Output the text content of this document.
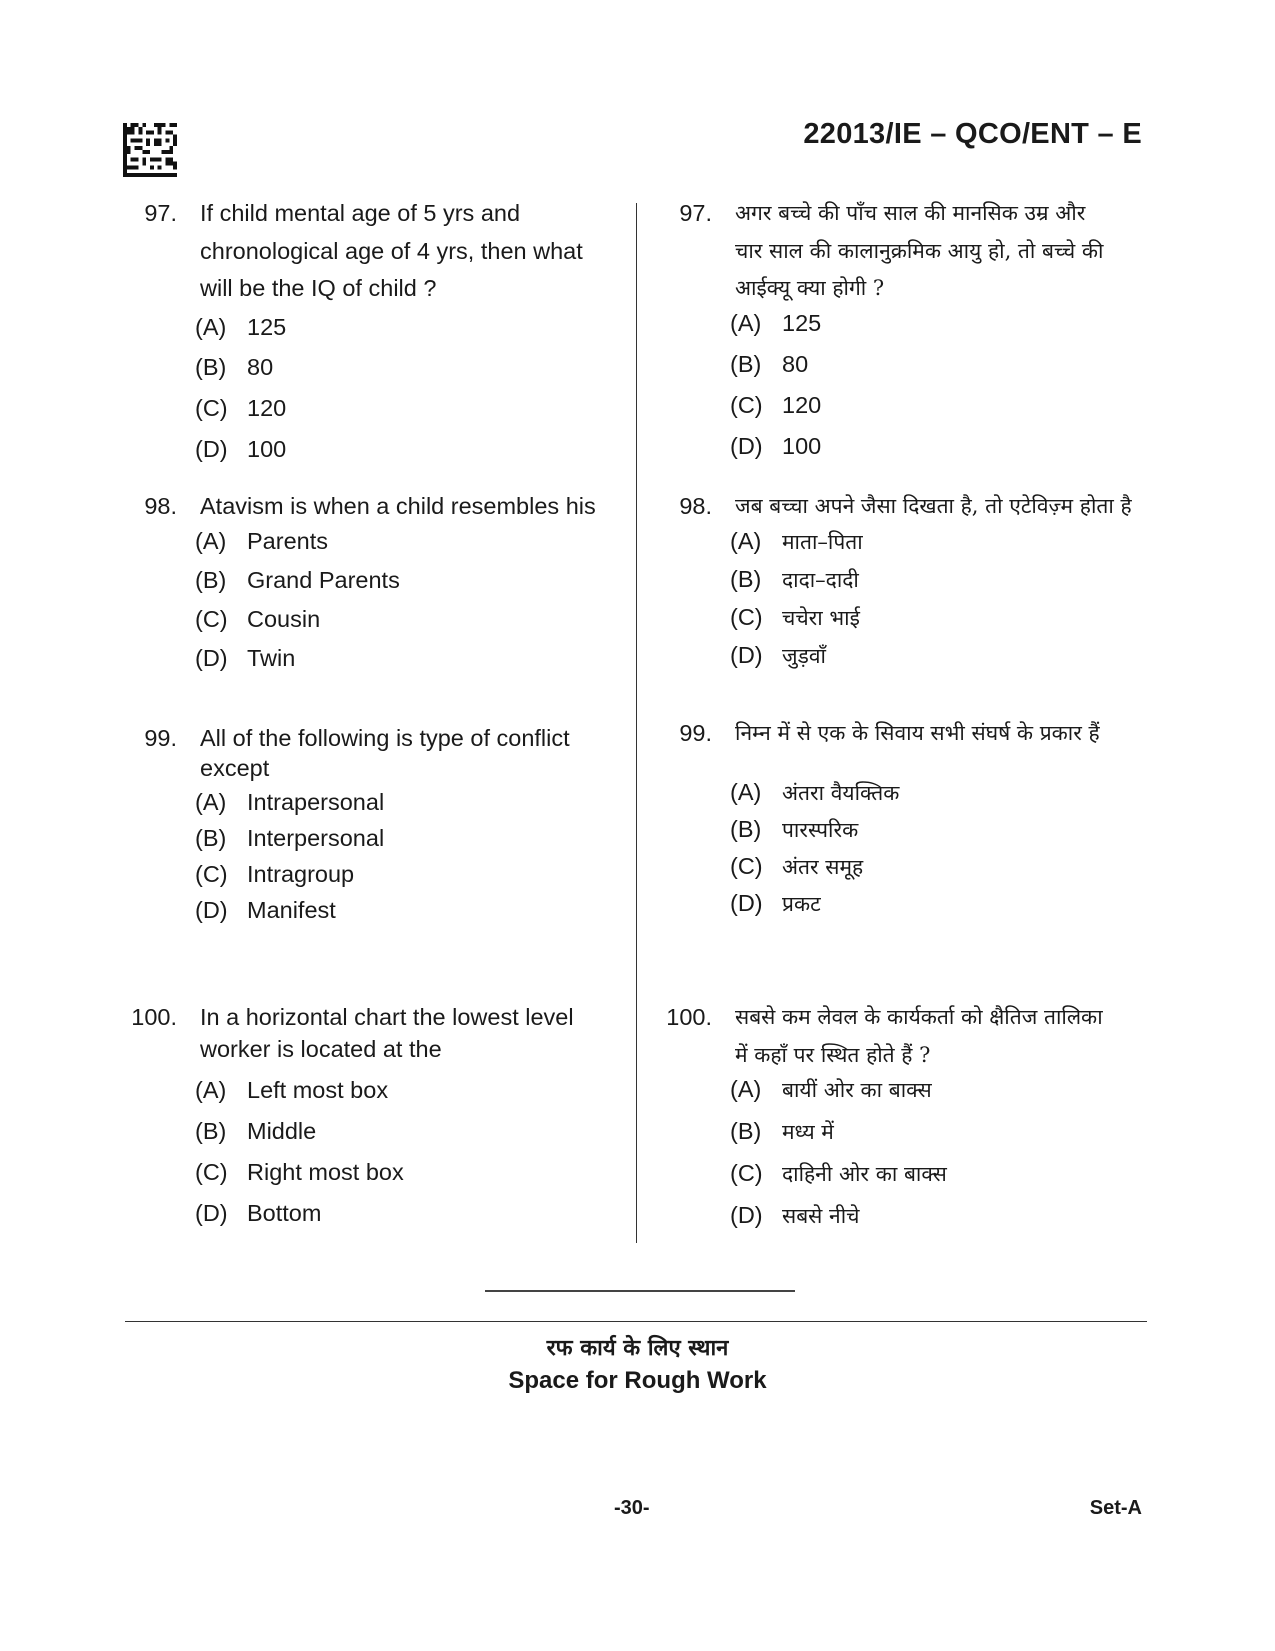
22013/IE – QCO/ENT – E
97. If child mental age of 5 yrs and
chronological age of 4 yrs, then what
will be the IQ of child ?
(A) 125
(B) 80
(C) 120
(D) 100
98. Atavism is when a child resembles his
(A) Parents
(B) Grand Parents
(C) Cousin
(D) Twin
99. All of the following is type of conflict
except
(A) Intrapersonal
(B) Interpersonal
(C) Intragroup
(D) Manifest
100. In a horizontal chart the lowest level
worker is located at the
(A) Left most box
(B) Middle
(C) Right most box
(D) Bottom
97. अगर बच्चे की पाँच साल की मानसिक उम्र और
चार साल की कालानुक्रमिक आयु हो, तो बच्चे की
आईक्यू क्या होगी ?
(A) 125
(B) 80
(C) 120
(D) 100
98. जब बच्चा अपने जैसा दिखता है, तो एटेविज़्म होता है
(A) माता–पिता
(B) दादा–दादी
(C) चचेरा भाई
(D) जुड़वाँ
99. निम्न में से एक के सिवाय सभी संघर्ष के प्रकार हैं
(A) अंतरा वैयक्तिक
(B) पारस्परिक
(C) अंतर समूह
(D) प्रकट
100. सबसे कम लेवल के कार्यकर्ता को क्षैतिज तालिका
में कहाँ पर स्थित होते हैं ?
(A) बायीं ओर का बाक्स
(B) मध्य में
(C) दाहिनी ओर का बाक्स
(D) सबसे नीचे
रफ कार्य के लिए स्थान
Space for Rough Work
-30-	Set-A
